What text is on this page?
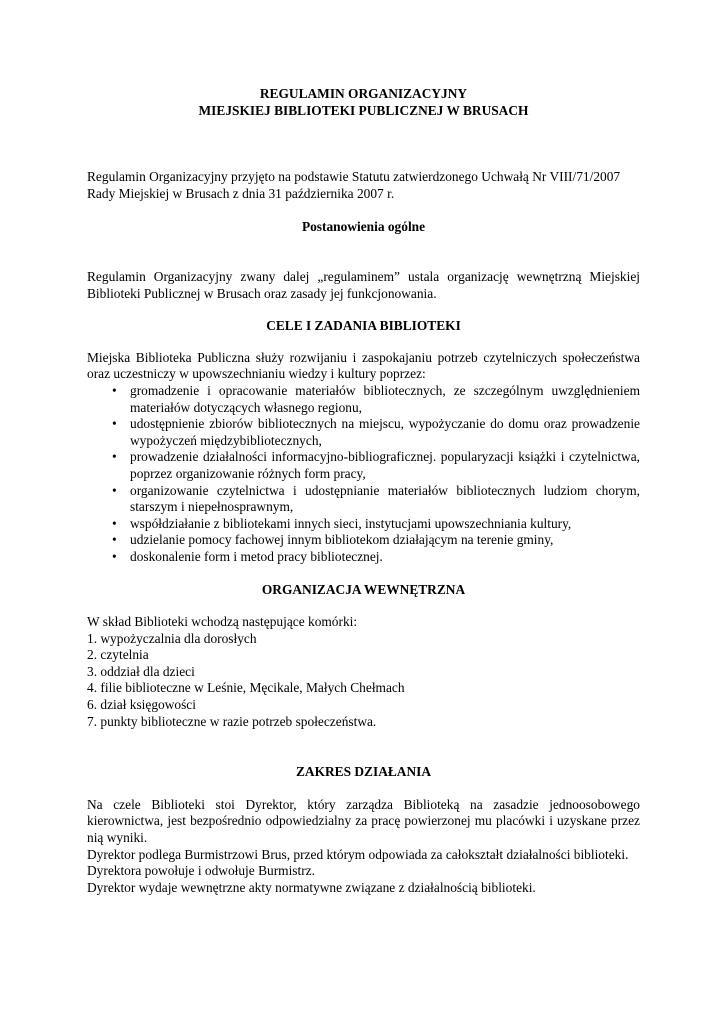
REGULAMIN ORGANIZACYJNY
MIEJSKIEJ BIBLIOTEKI PUBLICZNEJ W BRUSACH

Regulamin Organizacyjny przyjęto na podstawie Statutu zatwierdzonego Uchwałą Nr VIII/71/2007 Rady Miejskiej w Brusach z dnia 31 października 2007 r.

Postanowienia ogólne

Regulamin Organizacyjny zwany dalej „regulaminem” ustala organizację wewnętrzną Miejskiej Biblioteki Publicznej w Brusach oraz zasady jej funkcjonowania.

CELE I ZADANIA BIBLIOTEKI

Miejska Biblioteka Publiczna służy rozwijaniu i zaspokajaniu potrzeb czytelniczych społeczeństwa oraz uczestniczy w upowszechnianiu wiedzy i kultury poprzez:

• gromadzenie i opracowanie materiałów bibliotecznych, ze szczególnym uwzględnieniem materiałów dotyczących własnego regionu,
• udostępnienie zbiorów bibliotecznych na miejscu, wypożyczanie do domu oraz prowadzenie wypożyczeń międzybibliotecznych,
• prowadzenie działalności informacyjno-bibliograficznej. popularyzacji książki i czytelnictwa, poprzez organizowanie różnych form pracy,
• organizowanie czytelnictwa i udostępnianie materiałów bibliotecznych ludziom chorym, starszym i niepełnosprawnym,
• współdziałanie z bibliotekami innych sieci, instytucjami upowszechniania kultury,
• udzielanie pomocy fachowej innym bibliotekom działającym na terenie gminy,
• doskonalenie form i metod pracy bibliotecznej.
ORGANIZACJA WEWNĘTRZNA

W skład Biblioteki wchodzą następujące komórki:

1. wypożyczalnia dla dorosłych
2. czytelnia
3. oddział dla dzieci
4. filie biblioteczne w Leśnie, Męcikale, Małych Chełmach
6. dział księgowości
7. punkty biblioteczne w razie potrzeb społeczeństwa.
ZAKRES DZIAŁANIA

Na czele Biblioteki stoi Dyrektor, który zarządza Biblioteką na zasadzie jednoosobowego kierownictwa, jest bezpośrednio odpowiedzialny za pracę powierzonej mu placówki i uzyskane przez nią wyniki.

Dyrektor podlega Burmistrzowi Brus, przed którym odpowiada za całokształt działalności biblioteki.

Dyrektora powołuje i odwołuje Burmistrz.

Dyrektor wydaje wewnętrzne akty normatywne związane z działalnością biblioteki.
